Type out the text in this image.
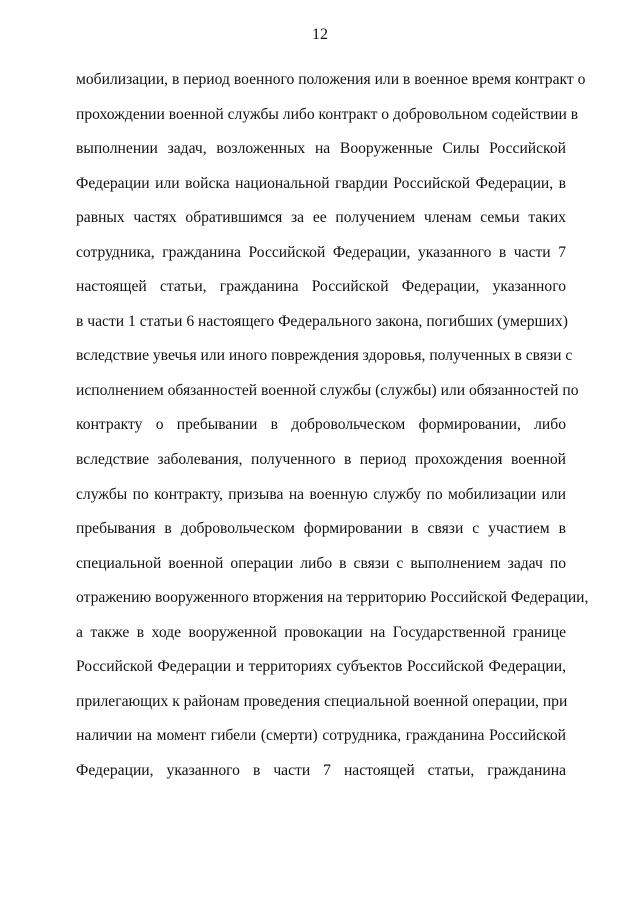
12
мобилизации, в период военного положения или в военное время контракт о
прохождении военной службы либо контракт о добровольном содействии в
выполнении задач, возложенных на Вооруженные Силы Российской
Федерации или войска национальной гвардии Российской Федерации, в
равных частях обратившимся за ее получением членам семьи таких
сотрудника, гражданина Российской Федерации, указанного в части 7
настоящей статьи, гражданина Российской Федерации, указанного
в части 1 статьи 6 настоящего Федерального закона, погибших (умерших)
вследствие увечья или иного повреждения здоровья, полученных в связи с
исполнением обязанностей военной службы (службы) или обязанностей по
контракту о пребывании в добровольческом формировании, либо
вследствие заболевания, полученного в период прохождения военной
службы по контракту, призыва на военную службу по мобилизации или
пребывания в добровольческом формировании в связи с участием в
специальной военной операции либо в связи с выполнением задач по
отражению вооруженного вторжения на территорию Российской Федерации,
а также в ходе вооруженной провокации на Государственной границе
Российской Федерации и территориях субъектов Российской Федерации,
прилегающих к районам проведения специальной военной операции, при
наличии на момент гибели (смерти) сотрудника, гражданина Российской
Федерации, указанного в части 7 настоящей статьи, гражданина
